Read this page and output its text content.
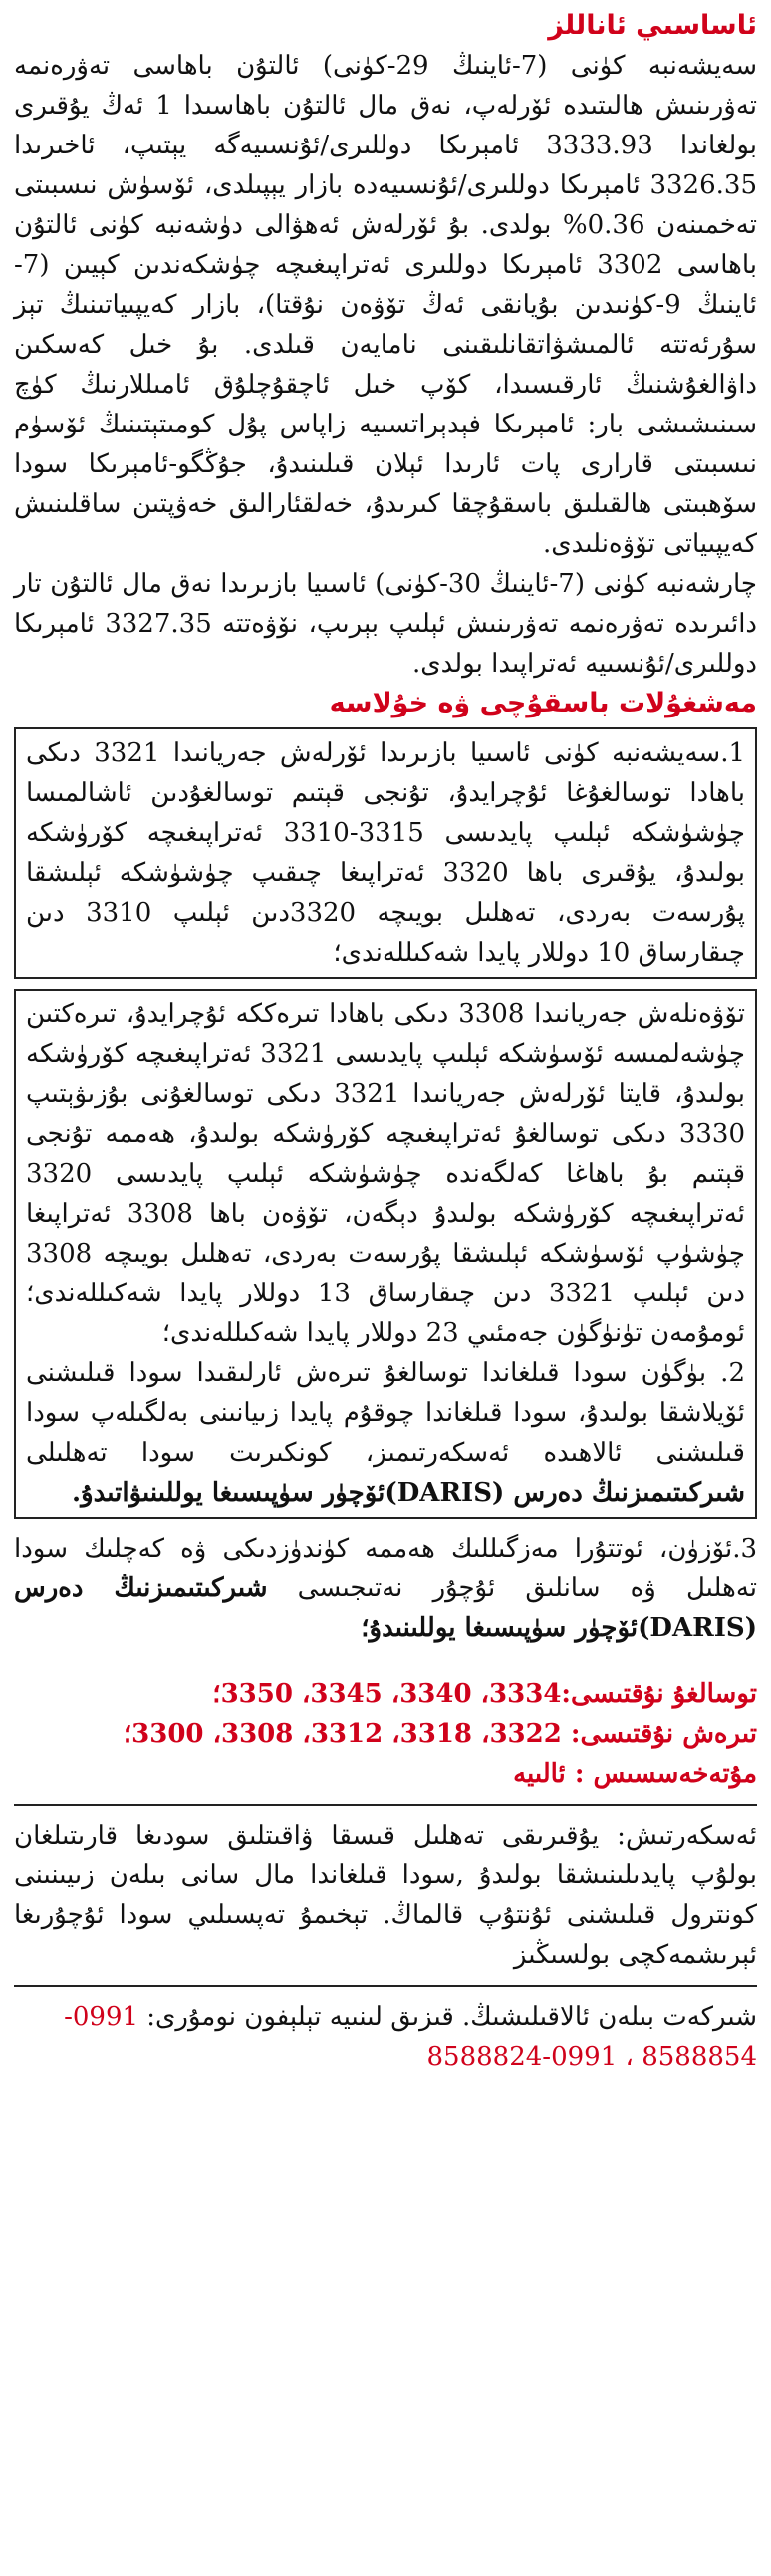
ئاساسىي ئاناللز

سەيشەنبە كۈنى (7-ئاينىڭ 29-كۈنى) ئالتۇن باھاسى تەۋرەنمە تەۋرىنىش ھالىتىدە ئۆرلەپ، نەق مال ئالتۇن باھاسىدا 1 ئەڭ يۇقىرى بولغاندا 3333.93 ئامېرىكا دوللىرى/ئۇنسىيەگە يېتىپ، ئاخىرىدا 3326.35 ئامېرىكا دوللىرى/ئۇنسىيەدە بازار يېپىلدى، ئۆسۈش نىسبىتى تەخمىنەن 0.36% بولدى. بۇ ئۆرلەش ئەھۋالى دۈشەنبە كۈنى ئالتۇن باھاسى 3302 ئامېرىكا دوللىرى ئەتراپىغىچە چۈشكەندىن كېيىن (7-ئاينىڭ 9-كۈنىدىن بۇيانقى ئەڭ تۆۋەن نۇقتا)، بازار كەيپىياتىنىڭ تېز سۇرئەتتە ئالمىشۋاتقانلىقىنى نامايەن قىلدى. بۇ خىل كەسكىن داۋالغۇشنىڭ ئارقىسىدا، كۆپ خىل ئاچقۇچلۇق ئامىللارنىڭ كۈچ سىنىشىشى بار: ئامېرىكا فېدېراتسىيە زاپاس پۇل كومىتېتىنىڭ ئۆسۈم نىسبىتى قارارى پات ئارىدا ئېلان قىلىنىدۇ، جۇڭگو-ئامېرىكا سودا سۆھبىتى ھالقىلىق باسقۇچقا كىرىدۇ، خەلقئارالىق خەۋپتىن ساقلىنىش كەيپىياتى تۆۋەنلىدى.

چارشەنبە كۈنى (7-ئاينىڭ 30-كۈنى) ئاسىيا بازىرىدا نەق مال ئالتۇن تار دائىرىدە تەۋرەنمە تەۋرىنىش ئېلىپ بېرىپ، نۆۋەتتە 3327.35 ئامېرىكا دوللىرى/ئۇنسىيە ئەتراپىدا بولدى.

مەشغۇلات باسقۇچى ۋە خۇلاسە

1.سەيشەنبە كۈنى ئاسىيا بازىرىدا ئۆرلەش جەريانىدا 3321 دىكى باھادا توسالغۇغا ئۇچرايدۇ، تۇنجى قېتىم توسالغۇدىن ئاشالمىسا چۈشۈشكە ئېلىپ پايدىسى 3315-3310 ئەتراپىغىچە كۆرۈشكە بولىدۇ، يۇقىرى باھا 3320 ئەتراپىغا چىقىپ چۈشۈشكە ئېلىشقا پۇرسەت بەردى، تەھلىل بويىچە 3320دىن ئېلىپ 3310 دىن چىقارساق 10 دوللار پايدا شەكىللەندى؛

تۆۋەنلەش جەريانىدا 3308 دىكى باھادا تىرەككە ئۇچرايدۇ، تىرەكتىن چۈشەلمىسە ئۆسۈشكە ئېلىپ پايدىسى 3321 ئەتراپىغىچە كۆرۈشكە بولىدۇ، قايتا ئۆرلەش جەريانىدا 3321 دىكى توسالغۇنى بۇزىۋېتىپ 3330 دىكى توسالغۇ ئەتراپىغىچە كۆرۈشكە بولىدۇ، ھەممە تۇنجى قېتىم بۇ باھاغا كەلگەندە چۈشۈشكە ئېلىپ پايدىسى 3320 ئەتراپىغىچە كۆرۈشكە بولىدۇ دېگەن، تۆۋەن باھا 3308 ئەتراپىغا چۈشۈپ ئۆسۈشكە ئېلىشقا پۇرسەت بەردى، تەھلىل بويىچە 3308 دىن ئېلىپ 3321 دىن چىقارساق 13 دوللار پايدا شەكىللەندى؛ ئومۇمەن تۈنۈگۈن جەمئىي 23 دوللار پايدا شەكىللەندى؛

2. بۈگۈن سودا قىلغاندا توسالغۇ تىرەش ئارلىقىدا سودا قىلىشنى ئۆيلاشقا بولىدۇ، سودا قىلغاندا چوقۇم پايدا زىيانىنى بەلگىلەپ سودا قىلىشنى ئالاھىدە ئەسكەرتىمىز، كونكىرىت سودا تەھلىلى شىركىتىمىزنىڭ دەرس (DARIS)ئۆچۈر سۈپىسىغا يوللىنىۋاتىدۇ.

3.ئۆزۈن، ئوتتۇرا مەزگىللىك ھەممە كۈندۈزدىكى ۋە كەچلىك سودا تەھلىل ۋە سانلىق ئۇچۇر نەتىجىسى شىركىتىمىزنىڭ دەرس (DARIS)ئۆچۈر سۈپىسىغا يوللىنىدۇ؛

توسالغۇ نۇقتىسى:3334، 3340، 3345، 3350؛

تىرەش نۇقتىسى: 3322، 3318، 3312، 3308، 3300؛

مۇتەخەسسىس : ئالىيە

ئەسكەرتىش: يۇقىرىقى تەھلىل قىسقا ۋاقىتلىق سودىغا قارىتىلغان بولۇپ پايدىلىنىشقا بولىدۇ ,سودا قىلغاندا مال سانى بىلەن زىيىنىنى كونترول قىلىشنى ئۇنتۇپ قالماڭ. تېخىمۇ تەپسىلىي سودا ئۇچۇرىغا ئېرىشمەكچى بولسىڭىز

شىركەت بىلەن ئالاقىلىشىڭ. قىزىق لىنىيە تېلېفون نومۇرى: 0991-8588854 ، 0991-8588824
